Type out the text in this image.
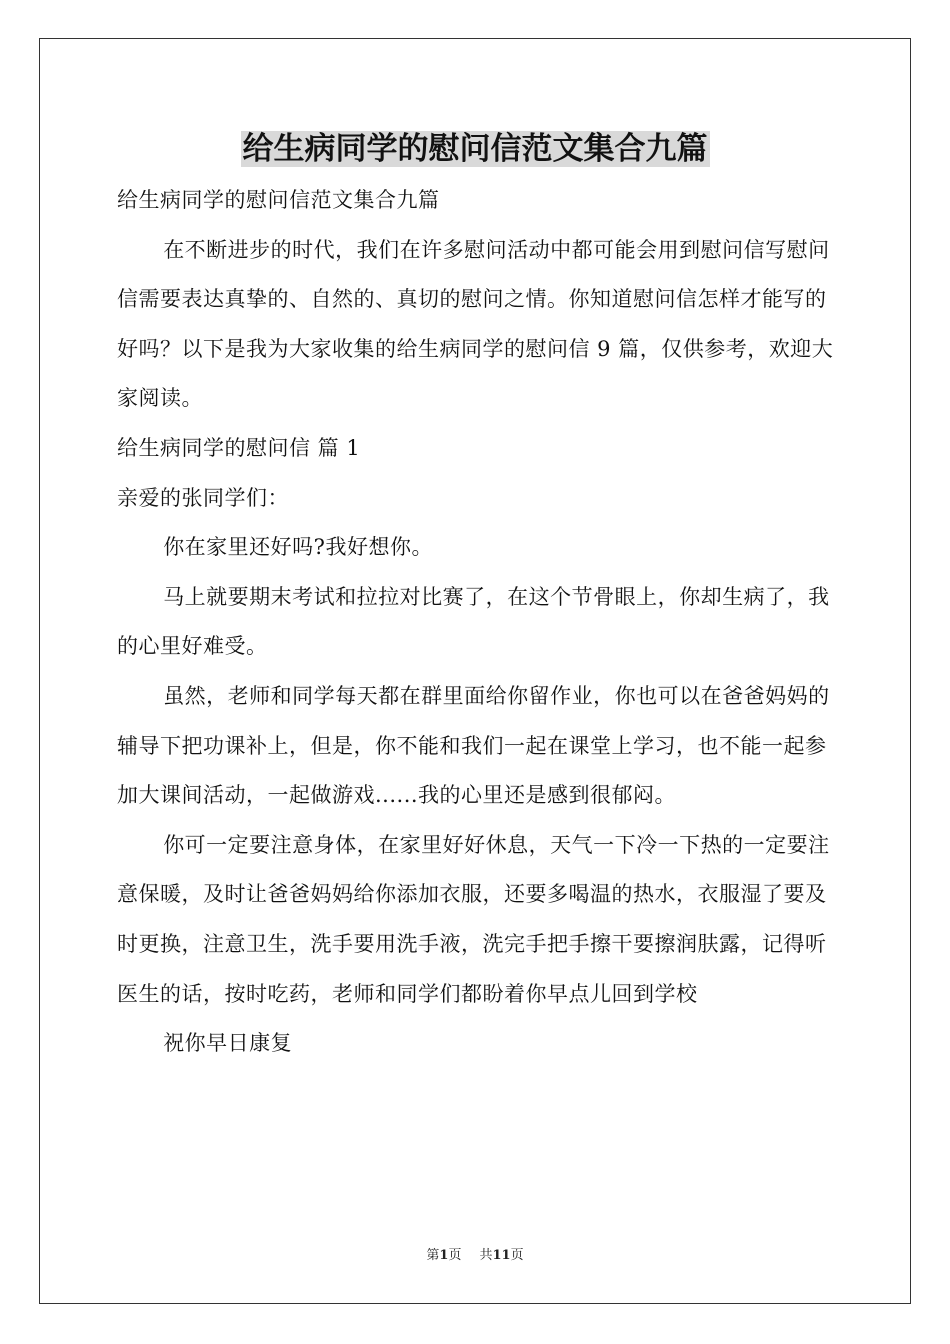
给生病同学的慰问信范文集合九篇

给生病同学的慰问信范文集合九篇

在不断进步的时代，我们在许多慰问活动中都可能会用到慰问信写慰问信需要表达真挚的、自然的、真切的慰问之情。你知道慰问信怎样才能写的好吗？以下是我为大家收集的给生病同学的慰问信 9 篇，仅供参考，欢迎大家阅读。

给生病同学的慰问信 篇 1

亲爱的张同学们：

你在家里还好吗?我好想你。

马上就要期末考试和拉拉对比赛了，在这个节骨眼上，你却生病了，我的心里好难受。

虽然，老师和同学每天都在群里面给你留作业，你也可以在爸爸妈妈的辅导下把功课补上，但是，你不能和我们一起在课堂上学习，也不能一起参加大课间活动，一起做游戏......我的心里还是感到很郁闷。

你可一定要注意身体，在家里好好休息，天气一下冷一下热的一定要注意保暖，及时让爸爸妈妈给你添加衣服，还要多喝温的热水，衣服湿了要及时更换，注意卫生，洗手要用洗手液，洗完手把手擦干要擦润肤露，记得听医生的话，按时吃药，老师和同学们都盼着你早点儿回到学校

祝你早日康复

第1页 共11页
